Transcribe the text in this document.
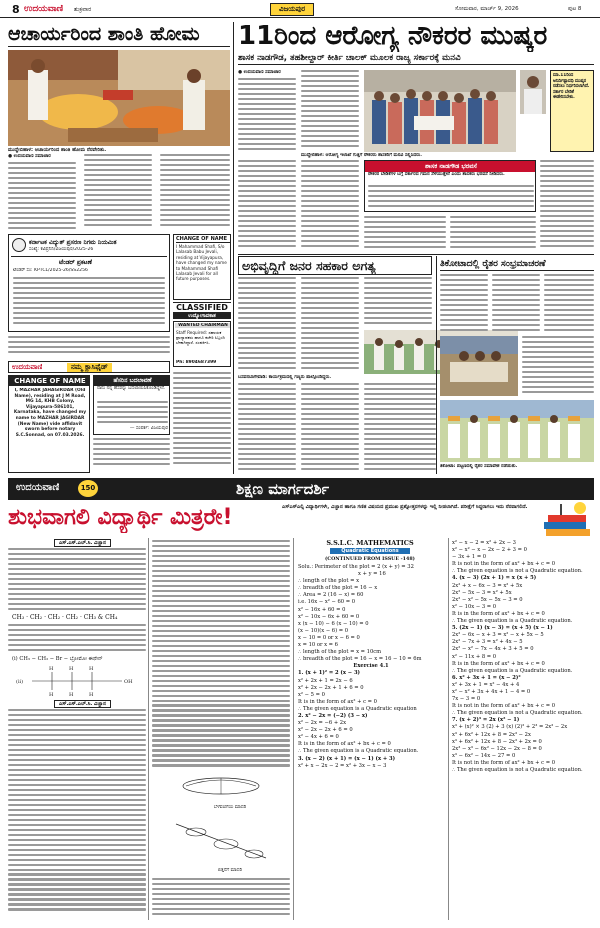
8 ಉದಯವಾಣಿ ಶುಕ್ರವಾರ	ವಿಜಯಪುರ	ಸೋಮವಾರ, ಮಾರ್ಚ್ 9, 2026	ಪುಟ 8
ಆಚಾರ್ಯರಿಂದ ಶಾಂತಿ ಹೋಮ
ಮುದ್ದೇಬಿಹಾಳ: ಆಚಾರ್ಯರಿಂದ ಶಾಂತಿ ಹೋಮ ನೆರವೇರಿತು.
● ಉದಯವಾಣಿ ಸಮಾಚಾರ
ಕರ್ನಾಟಕ ವಿದ್ಯುತ್ ಪ್ರಸರಣ ನಿಗಮ ನಿಯಮಿತ
ಸಂಖ್ಯೆ: ಕವಿಪ್ರನಿನಿ/ವಿಜಯಪುರ/2025-26
ಟೆಂಡರ್ ಪ್ರಕಟಣೆ
ಟೆಂಡರ್ ಸಂ: KPTCL/2025-26/SS2256
CHANGE OF NAME
I Mahammad Shafi, S/o Lalasab Babu Jevali, residing at Vijayapura, have changed my name to Mahammad Shafi Lalasab Jevali for all future purposes.
CLASSIFIED
ಉದ್ಯೋಗಾವಕಾಶ
WANTED CHAIRMAN
Staff Required: ಸಹಾಯಕ ಪ್ರಾಧ್ಯಾಪಕರು ಹಾಗೂ ಕಚೇರಿ ಸಿಬ್ಬಂದಿ ಬೇಕಾಗಿದ್ದಾರೆ. ಸಂಪರ್ಕಿಸಿ.
Ph: 8904687399
ಉದಯವಾಣಿ	ನಮ್ಮ ಕ್ಲಾಸಿಫೈಡ್
CHANGE OF NAME
I, MAZHAR JAHAGIRDAR (Old Name), residing at J M Road, MG 14, KHB Colony, Vijayapura-586101, Karnataka, have changed my name to MAZHAR JAGIRDAR (New Name) vide affidavit sworn before notary S.C.Sonnad, on 07.03.2026.
ಹೆಸರಿನ ಬದಲಾವಣೆ
ನಾನು ನನ್ನ ಹೆಸರನ್ನು ಬದಲಾಯಿಸಿಕೊಂಡಿದ್ದೇನೆ.
— ಸಂಪರ್ಕ: ವಿಜಯಪುರ
11ರಿಂದ ಆರೋಗ್ಯ ನೌಕರರ ಮುಷ್ಕರ
ಶಾಸಕ ನಾಡಗೌಡ, ತಹಶೀಲ್ದಾರ್ ಕೀರ್ತಿ ಚಾಲಕ್ ಮೂಲಕ ರಾಜ್ಯ ಸರ್ಕಾರಕ್ಕೆ ಮನವಿ
● ಉದಯವಾಣಿ ಸಮಾಚಾರ
ಮಾ.11ರಿಂದ ಅನಿರ್ದಿಷ್ಟಾವಧಿ ಮುಷ್ಕರ ನಡೆಸಲು ನಿರ್ಧರಿಸಲಾಗಿದೆ. ಸರ್ಕಾರ ಬೇಡಿಕೆ ಈಡೇರಿಸಬೇಕು.
ಮುದ್ದೇಬಿಹಾಳ: ಆರೋಗ್ಯ ಇಲಾಖೆ ಗುತ್ತಿಗೆ ನೌಕರರು ಶಾಸಕರಿಗೆ ಮನವಿ ಸಲ್ಲಿಸಿದರು.
ಶಾಸಕ ನಾಡಗೌಡ ಭರವಸೆ
ನೌಕರರ ಬೇಡಿಕೆಗಳ ಬಗ್ಗೆ ಸರ್ಕಾರದ ಗಮನ ಸೆಳೆಯುತ್ತೇನೆ ಎಂದು ಶಾಸಕರು ಭರವಸೆ ನೀಡಿದರು.
ಅಭಿವೃದ್ಧಿಗೆ ಜನರ ಸಹಕಾರ ಅಗತ್ಯ
ಬಸವನಬಾಗೇವಾಡಿ: ಕಾರ್ಯಕ್ರಮದಲ್ಲಿ ಗಣ್ಯರು ಪಾಲ್ಗೊಂಡಿದ್ದರು.
ತಿಕೋಟಾದಲ್ಲಿ ರೈತರ ಸಂಭ್ರಮಾಚರಣೆ
ತಿಕೋಟಾ: ಪಟ್ಟಣದಲ್ಲಿ ರೈತರ ಸಮಾವೇಶ ನಡೆಯಿತು.
ಉದಯವಾಣಿ	150	ಶಿಕ್ಷಣ ಮಾರ್ಗದರ್ಶಿ
ಶುಭವಾಗಲಿ ವಿದ್ಯಾರ್ಥಿ ಮಿತ್ರರೇ!	ಎಸ್ಎಸ್ಎಲ್ಸಿ ವಿದ್ಯಾರ್ಥಿಗಳೇ, ವಿಜ್ಞಾನ ಹಾಗೂ ಗಣಿತ ವಿಷಯದ ಪ್ರಮುಖ ಪ್ರಶ್ನೋತ್ತರಗಳನ್ನು ಇಲ್ಲಿ ನೀಡಲಾಗಿದೆ. ಪರೀಕ್ಷೆಗೆ ಸಿದ್ಧರಾಗಲು ಇದು ನೆರವಾಗಲಿದೆ.
ಎಸ್.ಎಸ್.ಎಲ್.ಸಿ. ವಿಜ್ಞಾನ
CH₃ · CH₂ · CH₂ · CH₂ · CH₃ & CH₄
(i) CH₃ − CH₂ − Br − ಬ್ರೋಮೋ ಈಥೇನ್
(ii)
H	H	H
H	H	H
OH
ಎಸ್.ಎಸ್.ಎಲ್.ಸಿ. ವಿಜ್ಞಾನ
ಬೆಳೆವಣಿಗೆಯ ಮಾದರಿ
ಬಿತ್ತನೆಗೆ ಮಾದರಿ
S.S.L.C. MATHEMATICS
Quadratic Equations
(CONTINUED FROM ISSUE -148)
Solu.: Perimeter of the plot = 2 (x + y) = 32
x + y = 16
∴ length of the plot = x
∴ breadth of the plot = 16 − x
∴ Area = 2 (16 − x) = 60
i.e. 16x − x² − 60 = 0
x² − 16x + 60 = 0
x² − 10x − 6x + 60 = 0
x (x − 10) − 6 (x − 10) = 0
(x − 10)(x − 6) = 0
x − 10 = 0 or x − 6 = 0
x = 10 or x = 6
∴ length of the plot = x = 10cm
∴ breadth of the plot = 16 − x = 16 − 10 = 6m
Exercise 4.1
1. (x + 1)² = 2 (x − 3)
x² + 2x + 1 = 2x − 6
x² + 2x − 2x + 1 + 6 = 0
x² − 5 = 0
It is in the form of ax² + c = 0
∴ The given equation is a Quadratic equation
2. x² − 2x = (−2) (3 − x)
x² − 2x = −6 + 2x
x² − 2x − 2x + 6 = 0
x² − 4x + 6 = 0
It is in the form of ax² + bx + c = 0
∴ The given equation is a Quadratic equation.
3. (x − 2) (x + 1) = (x − 1) (x + 3)
x² + x − 2x − 2 = x² + 3x − x − 3
x² − x − 2 = x² + 2x − 3
x² − x² − x − 2x − 2 + 3 = 0
− 3x + 1 = 0
It is not in the form of ax² + bx + c = 0
∴ The given equation is not a Quadratic equation.
4. (x − 3) (2x + 1) = x (x + 5)
2x² + x − 6x − 3 = x² + 5x
2x² − 5x − 3 = x² + 5x
2x² − x² − 5x − 5x − 3 = 0
x² − 10x − 3 = 0
It is in the form of ax² + bx + c = 0
∴ The given equation is a Quadratic equation.
5. (2x − 1) (x − 3) = (x + 5) (x − 1)
2x² − 6x − x + 3 = x² − x + 5x − 5
2x² − 7x + 3 = x² + 4x − 5
2x² − x² − 7x − 4x + 3 + 5 = 0
x² − 11x + 8 = 0
It is in the form of ax² + bx + c = 0
∴ The given equation is a Quadratic equation.
6. x² + 3x + 1 = (x − 2)²
x² + 3x + 1 = x² − 4x + 4
x² − x² + 3x + 4x + 1 − 4 = 0
7x − 3 = 0
It is not in the form of ax² + bx + c = 0
∴ The given equation is not a Quadratic equation.
7. (x + 2)³ = 2x (x² − 1)
x³ + (x)² × 3 (2) + 3 (x) (2)² + 2³ = 2x³ − 2x
x³ + 6x² + 12x + 8 = 2x³ − 2x
x³ + 6x² + 12x + 8 − 2x³ + 2x = 0
2x³ − x³ − 6x² − 12x − 2x − 8 = 0
x³ − 6x² − 14x − 27 = 0
It is not in the form of ax² + bx + c = 0
∴ The given equation is not a Quadratic equation.
